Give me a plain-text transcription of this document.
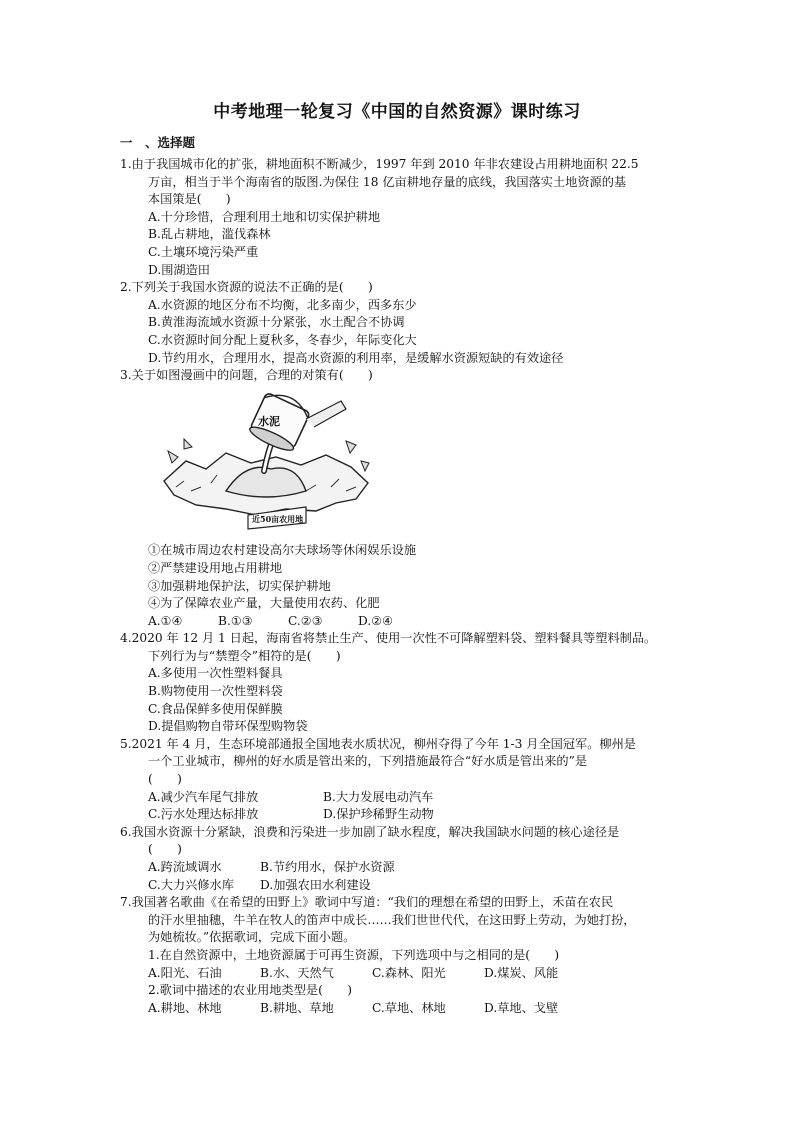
中考地理一轮复习《中国的自然资源》课时练习
一　、选择题
1.由于我国城市化的扩张，耕地面积不断减少，1997 年到 2010 年非农建设占用耕地面积 22.5
万亩，相当于半个海南省的版图.为保住 18 亿亩耕地存量的底线，我国落实土地资源的基
本国策是(　　)
A.十分珍惜，合理利用土地和切实保护耕地
B.乱占耕地，滥伐森林
C.土壤环境污染严重
D.围湖造田
2.下列关于我国水资源的说法不正确的是(　　)
A.水资源的地区分布不均衡，北多南少，西多东少
B.黄淮海流域水资源十分紧张，水土配合不协调
C.水资源时间分配上夏秋多，冬春少，年际变化大
D.节约用水，合理用水，提高水资源的利用率，是缓解水资源短缺的有效途径
3.关于如图漫画中的问题，合理的对策有(　　)
水泥
近50亩农用地
①在城市周边农村建设高尔夫球场等休闲娱乐设施
②严禁建设用地占用耕地
③加强耕地保护法，切实保护耕地
④为了保障农业产量，大量使用农药、化肥
A.①④	B.①③	C.②③	D.②④
4.2020 年 12 月 1 日起，海南省将禁止生产、使用一次性不可降解塑料袋、塑料餐具等塑料制品。
下列行为与“禁塑令”相符的是(　　)
A.多使用一次性塑料餐具
B.购物使用一次性塑料袋
C.食品保鲜多使用保鲜膜
D.提倡购物自带环保型购物袋
5.2021 年 4 月，生态环境部通报全国地表水质状况，柳州夺得了今年 1-3 月全国冠军。柳州是
一个工业城市，柳州的好水质是管出来的，下列措施最符合“好水质是管出来的”是
(　　)
A.减少汽车尾气排放	B.大力发展电动汽车
C.污水处理达标排放	D.保护珍稀野生动物
6.我国水资源十分紧缺，浪费和污染进一步加剧了缺水程度，解决我国缺水问题的核心途径是
(　　)
A.跨流域调水	B.节约用水，保护水资源
C.大力兴修水库	D.加强农田水利建设
7.我国著名歌曲《在希望的田野上》歌词中写道：“我们的理想在希望的田野上，禾苗在农民
的汗水里抽穗，牛羊在牧人的笛声中成长……我们世世代代，在这田野上劳动，为她打扮，
为她梳妆。”依据歌词，完成下面小题。
1.在自然资源中，土地资源属于可再生资源，下列选项中与之相同的是(　　)
A.阳光、石油	B.水、天然气	C.森林、阳光	D.煤炭、风能
2.歌词中描述的农业用地类型是(　　)
A.耕地、林地	B.耕地、草地	C.草地、林地	D.草地、戈壁
